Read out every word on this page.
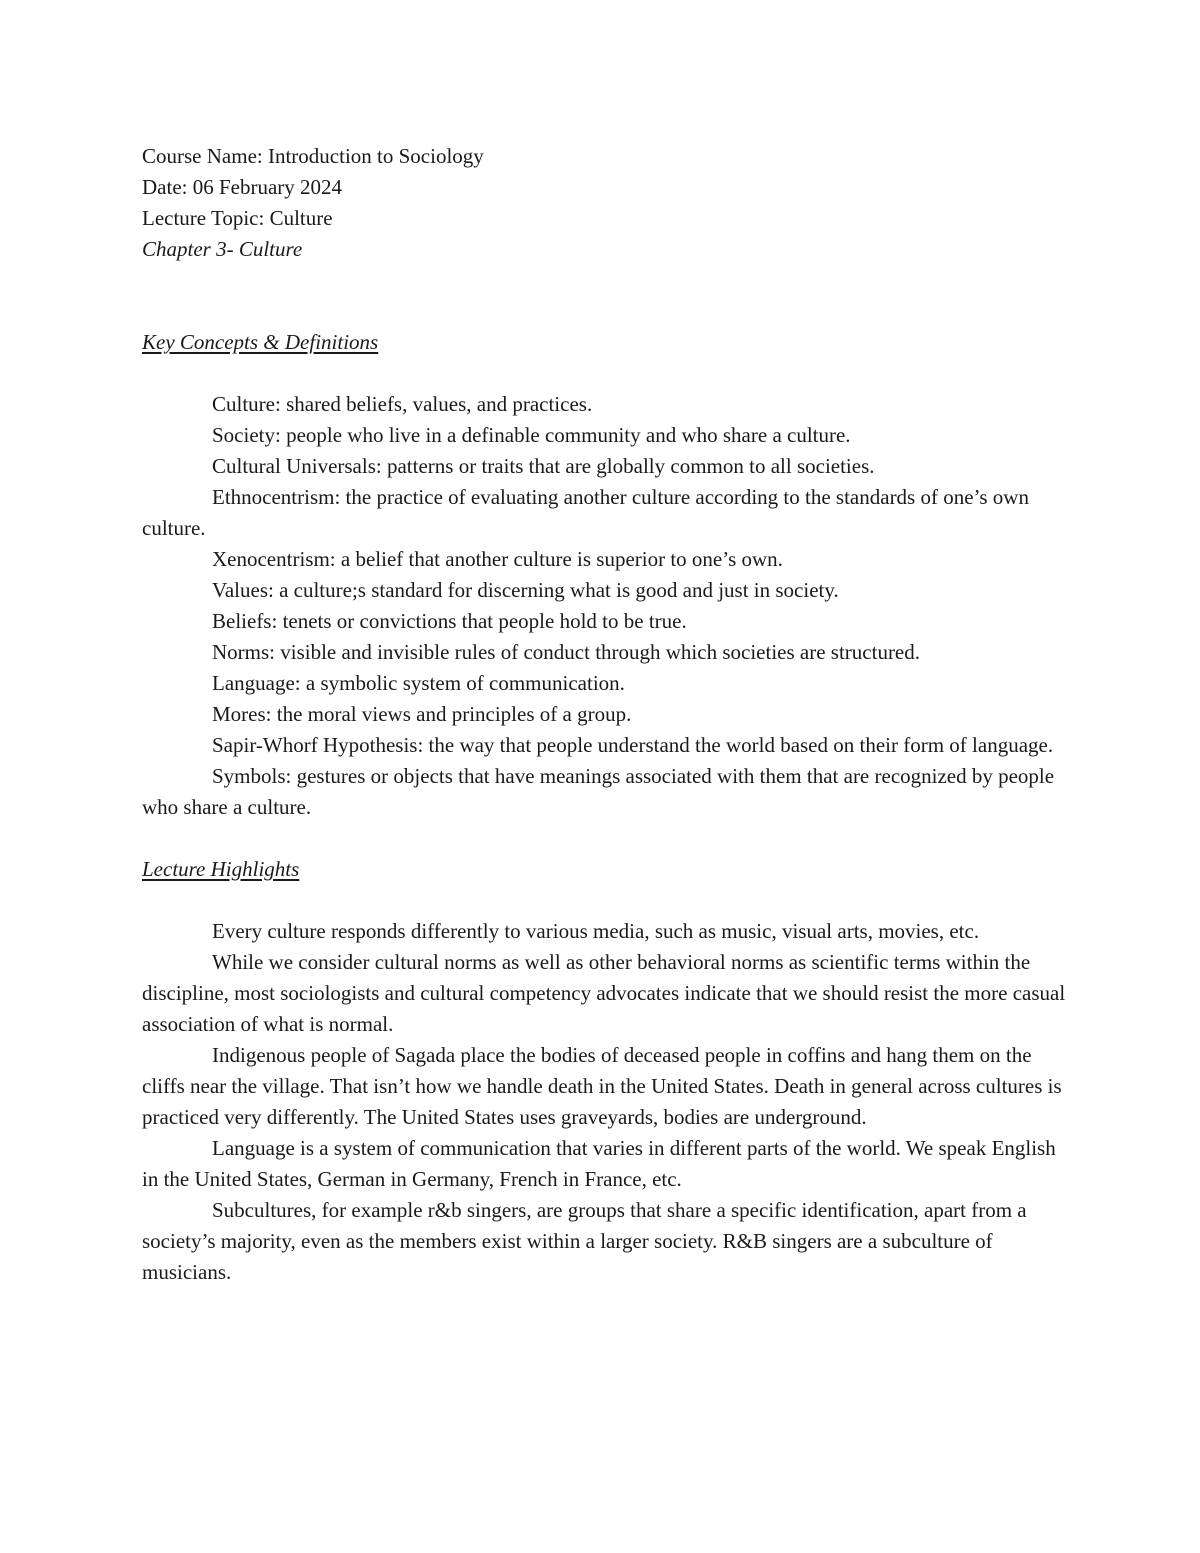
Course Name: Introduction to Sociology
Date: 06 February 2024
Lecture Topic: Culture
Chapter 3- Culture
Key Concepts & Definitions

Culture: shared beliefs, values, and practices.

Society: people who live in a definable community and who share a culture.

Cultural Universals: patterns or traits that are globally common to all societies.

Ethnocentrism: the practice of evaluating another culture according to the standards of one’s own culture.

Xenocentrism: a belief that another culture is superior to one’s own.

Values: a culture;s standard for discerning what is good and just in society.

Beliefs: tenets or convictions that people hold to be true.

Norms: visible and invisible rules of conduct through which societies are structured.

Language: a symbolic system of communication.

Mores: the moral views and principles of a group.

Sapir-Whorf Hypothesis: the way that people understand the world based on their form of language.

Symbols: gestures or objects that have meanings associated with them that are recognized by people who share a culture.

Lecture Highlights

Every culture responds differently to various media, such as music, visual arts, movies, etc.

While we consider cultural norms as well as other behavioral norms as scientific terms within the discipline, most sociologists and cultural competency advocates indicate that we should resist the more casual association of what is normal.

Indigenous people of Sagada place the bodies of deceased people in coffins and hang them on the cliffs near the village. That isn’t how we handle death in the United States. Death in general across cultures is practiced very differently. The United States uses graveyards, bodies are underground.

Language is a system of communication that varies in different parts of the world. We speak English in the United States, German in Germany, French in France, etc.

Subcultures, for example r&b singers, are groups that share a specific identification, apart from a society’s majority, even as the members exist within a larger society. R&B singers are a subculture of musicians.
